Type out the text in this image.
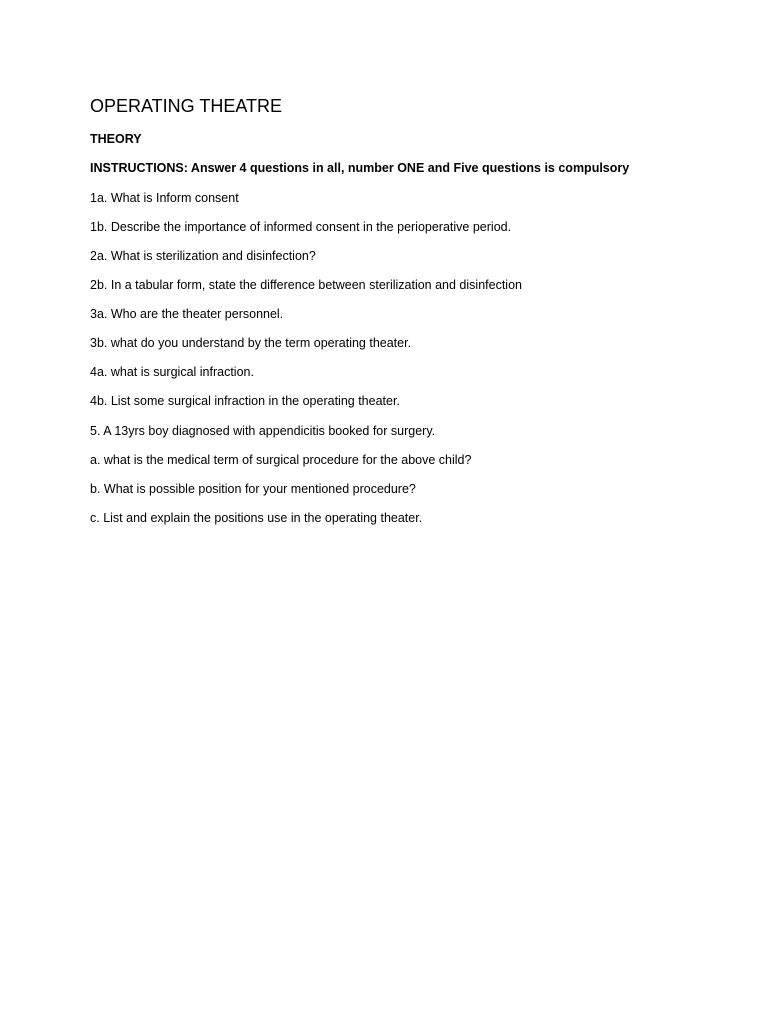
OPERATING THEATRE
THEORY
INSTRUCTIONS: Answer 4 questions in all, number ONE and Five questions is compulsory
1a. What is Inform consent
1b. Describe the importance of informed consent in the perioperative period.
2a. What is sterilization and disinfection?
2b. In a tabular form, state the difference between sterilization and disinfection
3a. Who are the theater personnel.
3b. what do you understand by the term operating theater.
4a. what is surgical infraction.
4b. List some surgical infraction in the operating theater.
5. A 13yrs boy diagnosed with appendicitis booked for surgery.
a. what is the medical term of surgical procedure for the above child?
b. What is possible position for your mentioned procedure?
c. List and explain the positions use in the operating theater.
